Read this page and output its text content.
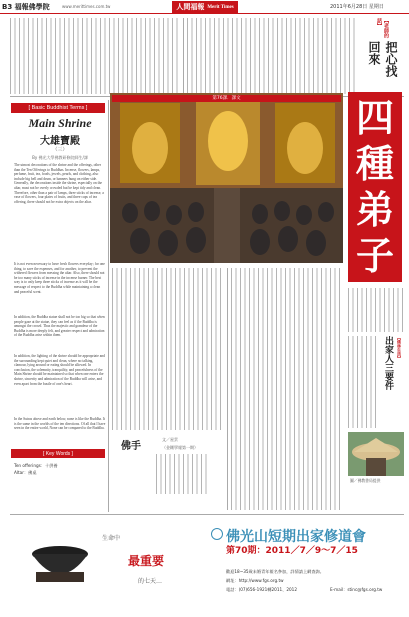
B3 福報佛學院	www.merittimes.com.tw	人間福報 Merit Times	2011年6月28日 星期日
【老師的話】
把心找回來
[ Basic Buddhist Terms ]
Main Shrine
大雄寶殿
（三）
By 佛光大學佛教研修院師生/譯
The utmost decorations of the shrine and the offerings, other than the Ten Offerings to Buddhas. Incense, flowers, lamps, perfume, fruit, tea, foods, jewels, pearls, and clothing, also include big bell and drum, or banners hung on either side. Generally, the decorations inside the shrine, especially on the altar, must not be overly crowded but be kept tidy and clean. Therefore, other than a pair of lamps, three sticks of incense, a vase of flowers, four plates of fruits, and three cups of tea offering, there should not be extra objects on the altar.
It is not even necessary to have fresh flowers everyday; for one thing, to save the expenses, and for another, to prevent the withered flowers from messing the altar. Also, there should not be too many sticks of incense in the incense burner. The best way is to only keep three sticks of incense as it will be the message of respect to the Buddha while maintaining a clean and peaceful scent.
In addition, the Buddha statue shall not be too big so that when people gaze at the statue, they can feel as if the Buddha is amongst the crowd. Thus the majestic and grandeur of the Buddha is more deeply felt, and greater respect and admiration of the Buddha arise within them.
In addition, the lighting of the shrine should be appropriate and the surrounding kept quiet and clean, where no talking, clamour, lying around or eating should be allowed. In conclusion, the solemnity, tranquility, and peacefulness of the Main Shrine should be maintained so that when one enters the shrine, sincerity and admiration of the Buddha will arise, and even apart from the bustle of one's heart.
In the Sutras above and earth below, none is like the Buddha. It is the same in the worlds of the ten directions. Of all that I have seen in the entire world, None can be compared to the Buddha.
[ Key Words ]
Ten offerings：十供養
Altar：佛桌
第76課．課文	四
種
弟
子
【佛林生活】
出家人三要件
圖／佛教書局提供
佛手
文／星雲
（金剛學報第一期）
生命中
最重要
的七天…
佛光山短期出家修道會
第70期：2011／7／9～7／15
歡迎18~35歲未婚青年報名參加，詳情請上網查詢。
網址：http://www.fgs.org.tw
電話：(07)656-1921轉2011、2012	E-mail：stinc@fgs.org.tw
